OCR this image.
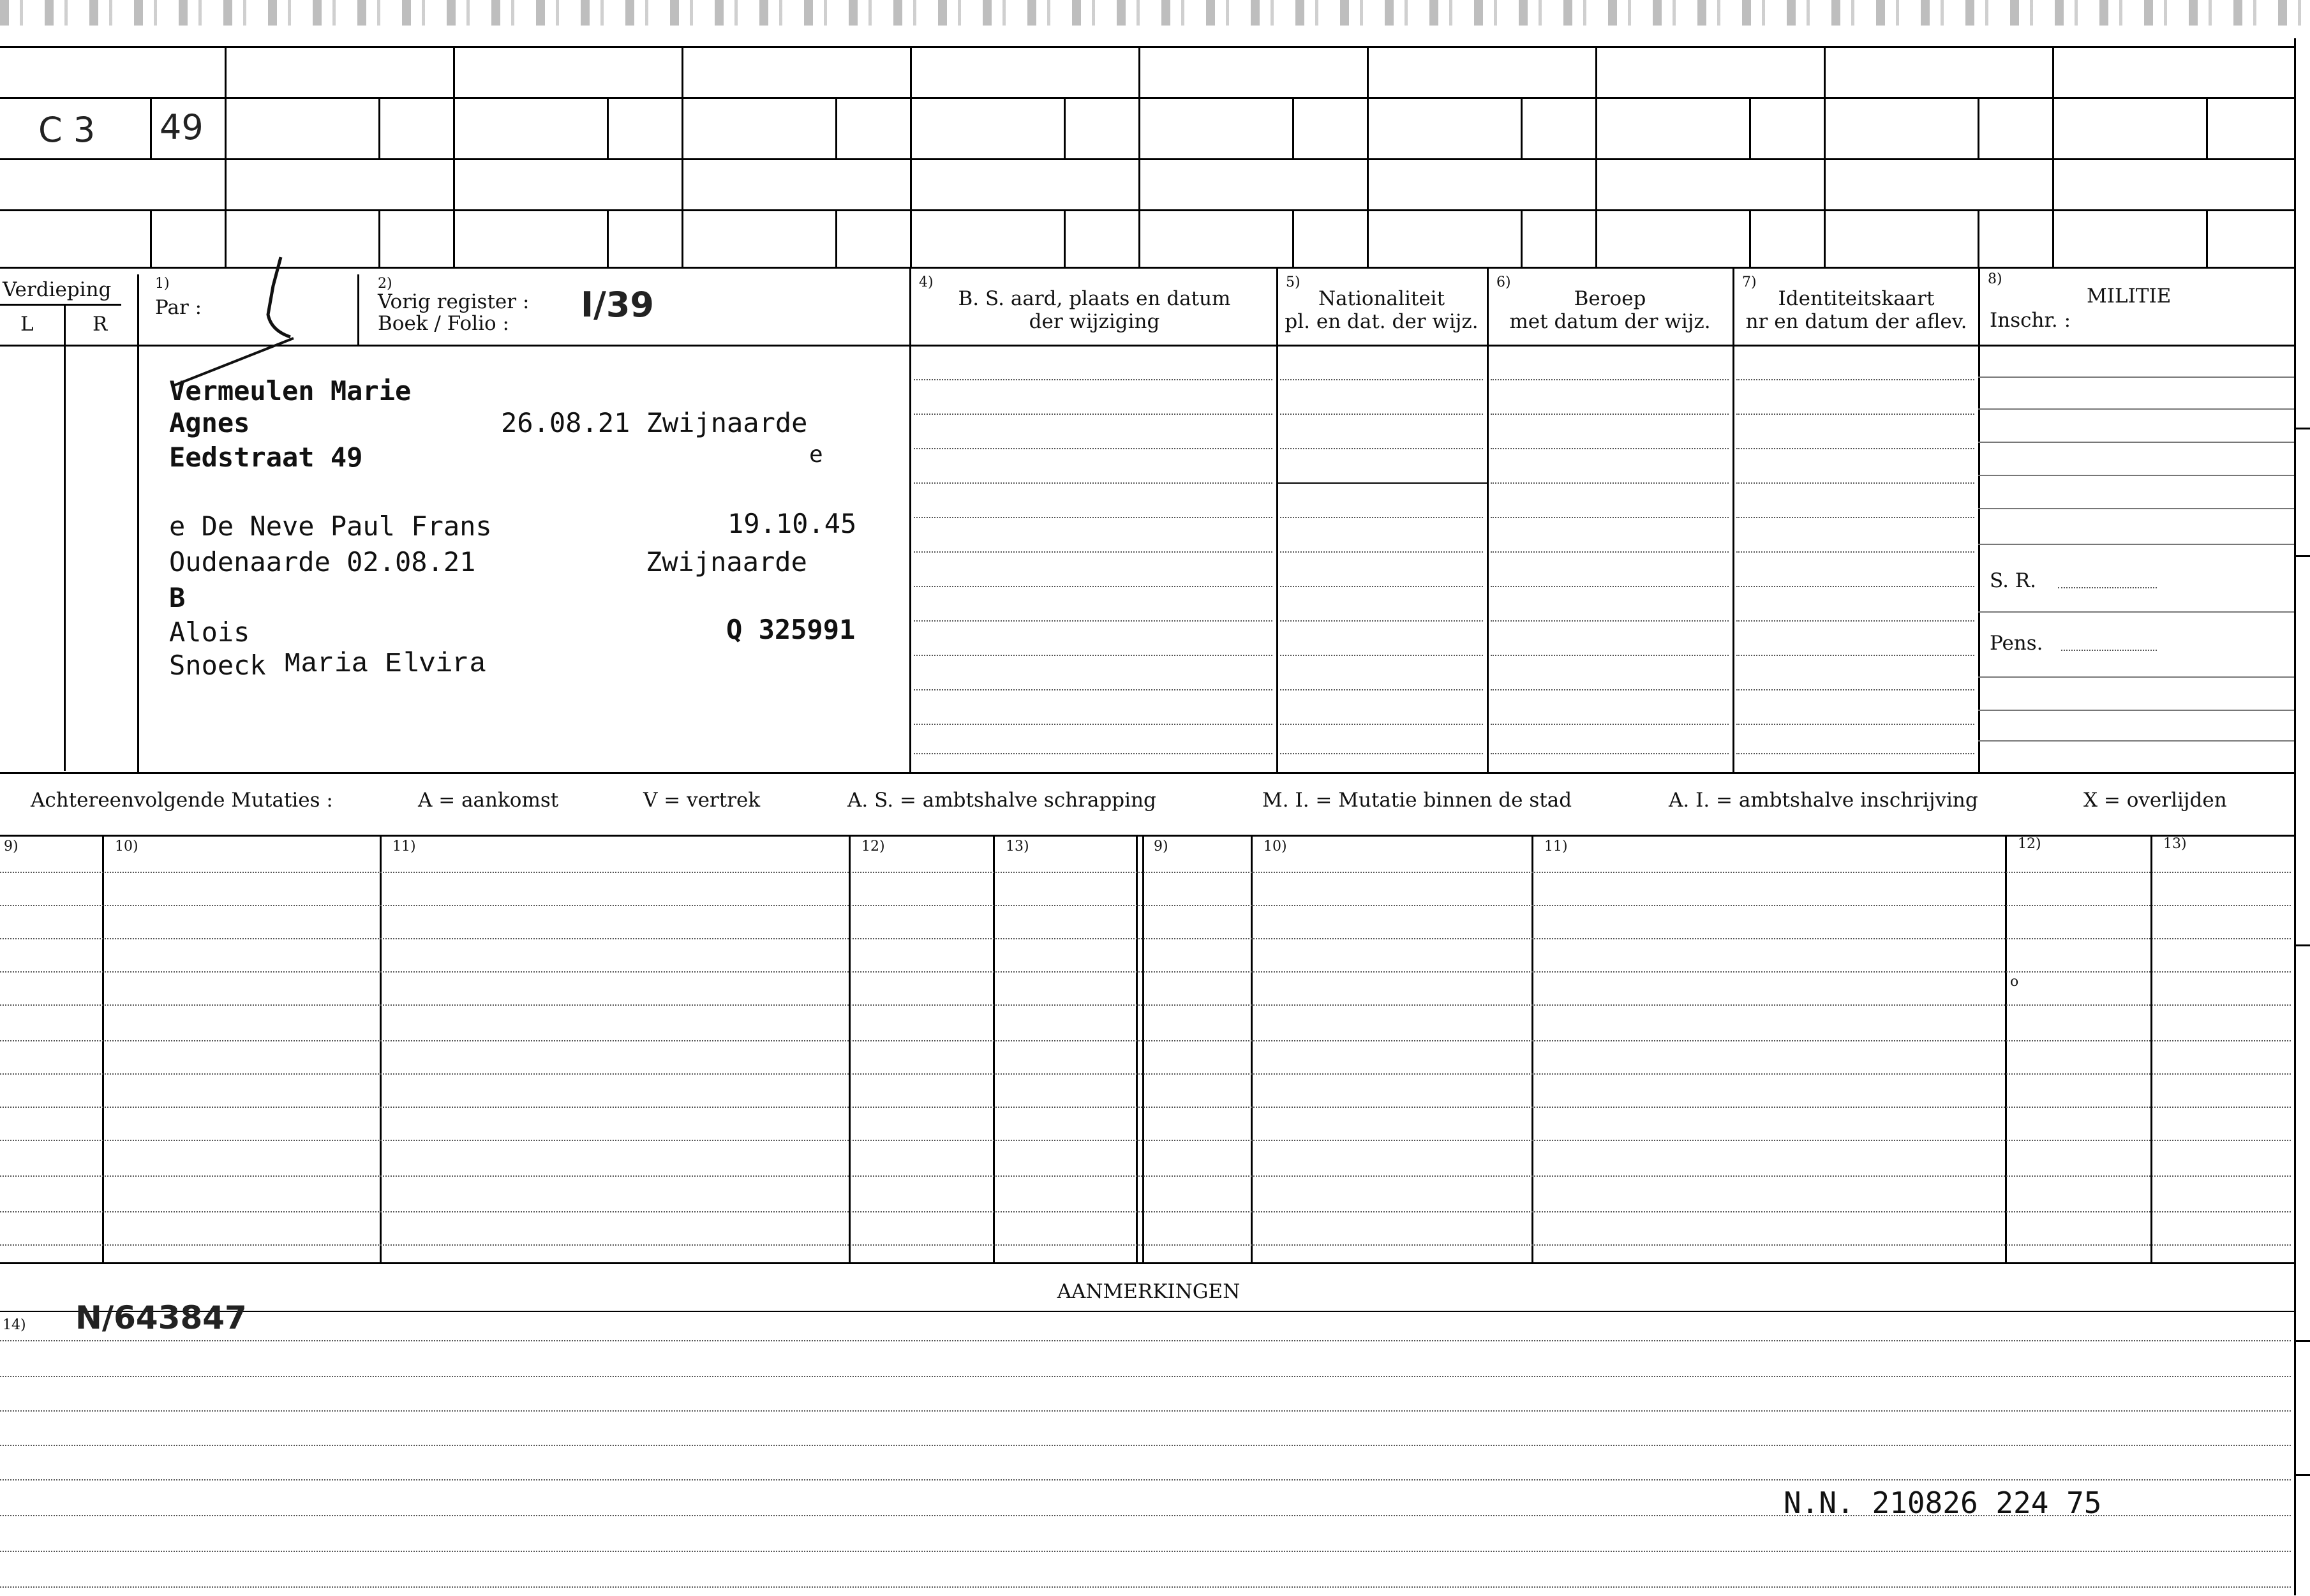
C 3 49
Verdieping
L	R
1)
Par :
2)
Vorig register :
Boek / Folio : I/39
4)
B. S. aard, plaats en datum
der wijziging
5)
Nationaliteit
pl. en dat. der wijz.
6)
Beroep
met datum der wijz.
7)
Identiteitskaart
nr en datum der aflev.
8)
MILITIE
Inschr. :
S. R.
Pens.
Vermeulen Marie
Agnes	26.08.21 Zwijnaarde
Eedstraat 49	e
e De Neve Paul Frans	19.10.45
Oudenaarde 02.08.21	Zwijnaarde
B
Alois	Q 325991
Snoeck Maria Elvira
Achtereenvolgende Mutaties :	A = aankomst	V = vertrek	A. S. = ambtshalve schrapping	M. I. = Mutatie binnen de stad	A. I. = ambtshalve inschrijving	X = overlijden
9)	10)	11)	12)	13)	9)	10)	11)	12)	13)
o
AANMERKINGEN
14) N/643847
N.N. 210826 224 75
